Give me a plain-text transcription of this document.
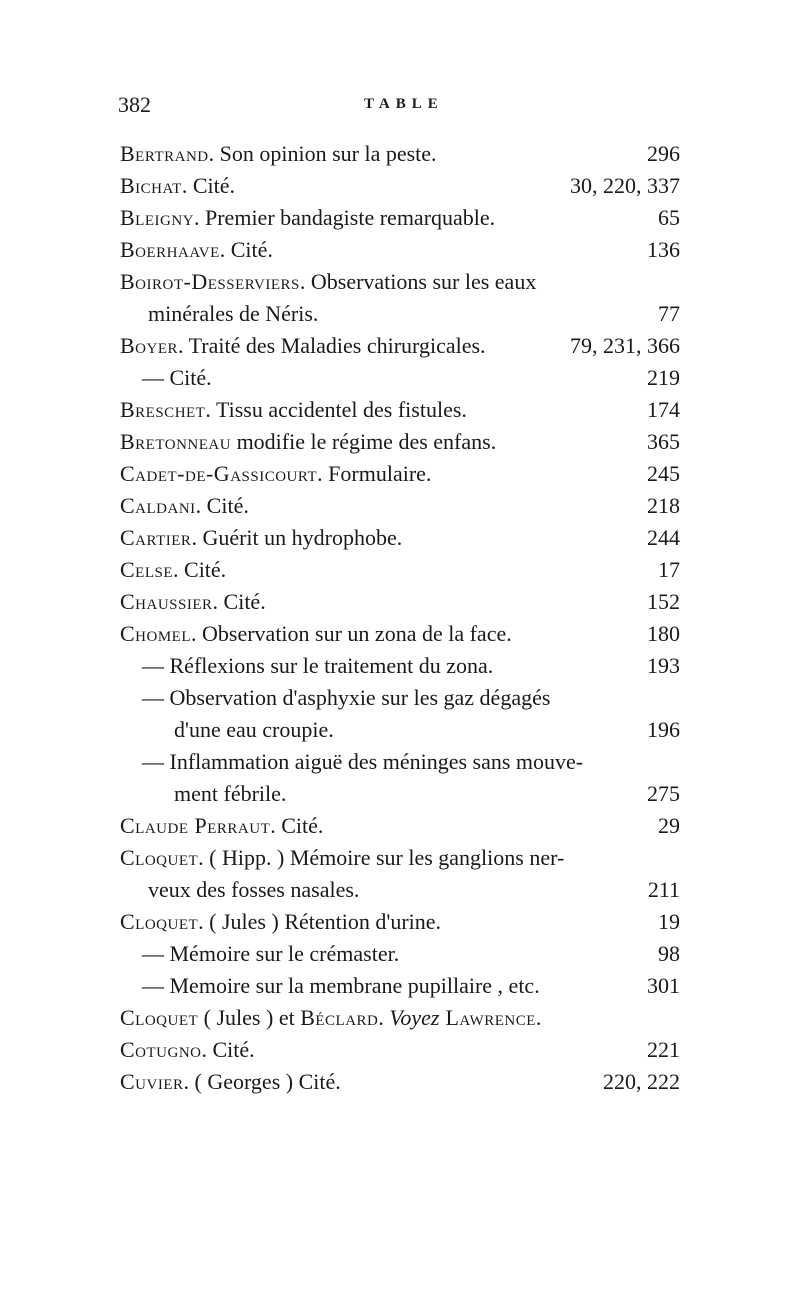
382	TABLE
Bertrand. Son opinion sur la peste.	296
Bichat. Cité.	30, 220, 337
Bleigny. Premier bandagiste remarquable.	65
Boerhaave. Cité.	136
Boirot-Desserviers. Observations sur les eaux
minérales de Néris.	77
Boyer. Traité des Maladies chirurgicales.	79, 231, 366
— Cité.	219
Breschet. Tissu accidentel des fistules.	174
Bretonneau modifie le régime des enfans.	365
Cadet-de-Gassicourt. Formulaire.	245
Caldani. Cité.	218
Cartier. Guérit un hydrophobe.	244
Celse. Cité.	17
Chaussier. Cité.	152
Chomel. Observation sur un zona de la face.	180
— Réflexions sur le traitement du zona.	193
— Observation d'asphyxie sur les gaz dégagés
d'une eau croupie.	196
— Inflammation aiguë des méninges sans mouve-
ment fébrile.	275
Claude Perraut. Cité.	29
Cloquet. ( Hipp. ) Mémoire sur les ganglions ner-
veux des fosses nasales.	211
Cloquet. ( Jules ) Rétention d'urine.	19
— Mémoire sur le crémaster.	98
— Memoire sur la membrane pupillaire , etc.	301
Cloquet ( Jules ) et Béclard. Voyez Lawrence.
Cotugno. Cité.	221
Cuvier. ( Georges ) Cité.	220, 222
